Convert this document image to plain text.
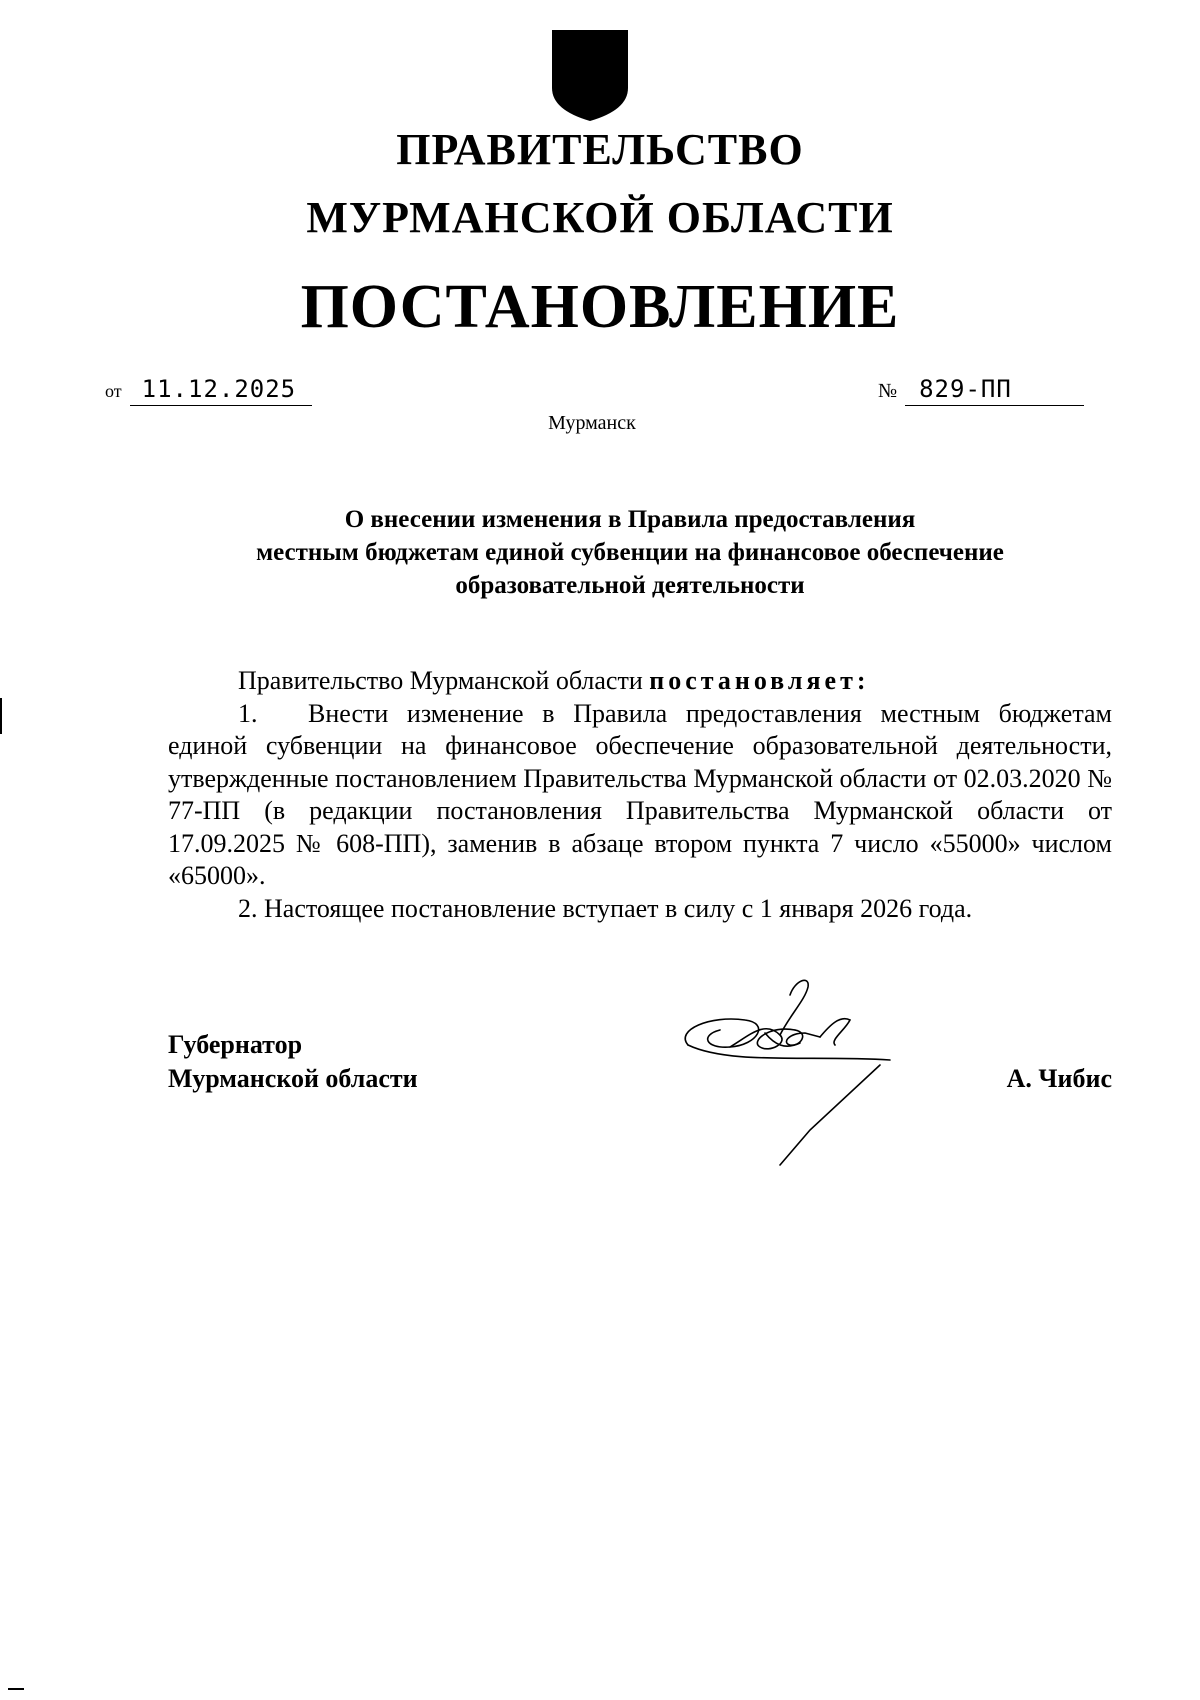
ПРАВИТЕЛЬСТВО
МУРМАНСКОЙ ОБЛАСТИ
ПОСТАНОВЛЕНИЕ
от 11.12.2025	№ 829-ПП
Мурманск
О внесении изменения в Правила предоставления
местным бюджетам единой субвенции на финансовое обеспечение
образовательной деятельности

Правительство Мурманской области постановляет:

1. Внести изменение в Правила предоставления местным бюджетам единой субвенции на финансовое обеспечение образовательной деятельности, утвержденные постановлением Правительства Мурманской области от 02.03.2020 № 77-ПП (в редакции постановления Правительства Мурманской области от 17.09.2025 № 608-ПП), заменив в абзаце втором пункта 7 число «55000» числом «65000».

2. Настоящее постановление вступает в силу с 1 января 2026 года.

Губернатор
Мурманской области	А. Чибис
